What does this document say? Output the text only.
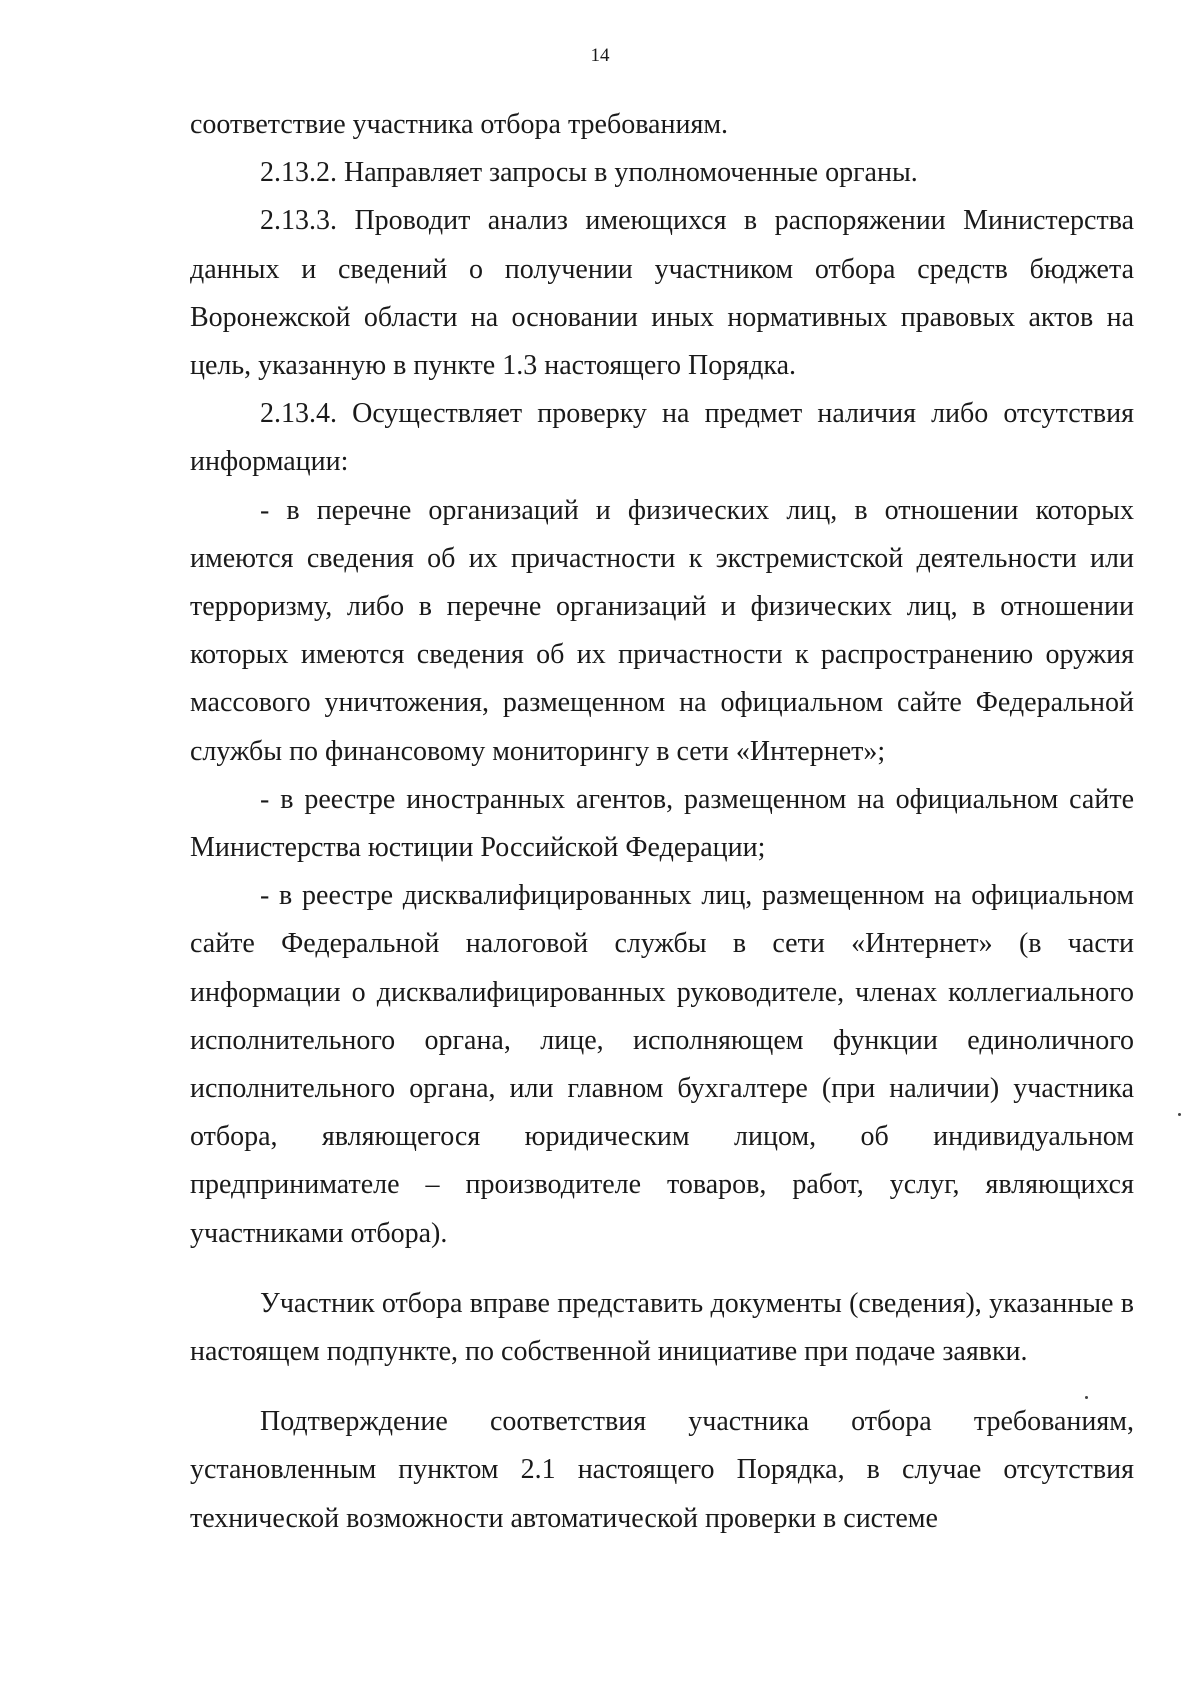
14

соответствие участника отбора требованиям.

2.13.2. Направляет запросы в уполномоченные органы.

2.13.3. Проводит анализ имеющихся в распоряжении Министерства данных и сведений о получении участником отбора средств бюджета Воронежской области на основании иных нормативных правовых актов на цель, указанную в пункте 1.3 настоящего Порядка.

2.13.4. Осуществляет проверку на предмет наличия либо отсутствия информации:

- в перечне организаций и физических лиц, в отношении которых имеются сведения об их причастности к экстремистской деятельности или терроризму, либо в перечне организаций и физических лиц, в отношении которых имеются сведения об их причастности к распространению оружия массового уничтожения, размещенном на официальном сайте Федеральной службы по финансовому мониторингу в сети «Интернет»;

- в реестре иностранных агентов, размещенном на официальном сайте Министерства юстиции Российской Федерации;

- в реестре дисквалифицированных лиц, размещенном на официальном сайте Федеральной налоговой службы в сети «Интернет» (в части информации о дисквалифицированных руководителе, членах коллегиального исполнительного органа, лице, исполняющем функции единоличного исполнительного органа, или главном бухгалтере (при наличии) участника отбора, являющегося юридическим лицом, об индивидуальном предпринимателе – производителе товаров, работ, услуг, являющихся участниками отбора).

Участник отбора вправе представить документы (сведения), указанные в настоящем подпункте, по собственной инициативе при подаче заявки.

Подтверждение соответствия участника отбора требованиям, установленным пунктом 2.1 настоящего Порядка, в случае отсутствия технической возможности автоматической проверки в системе
